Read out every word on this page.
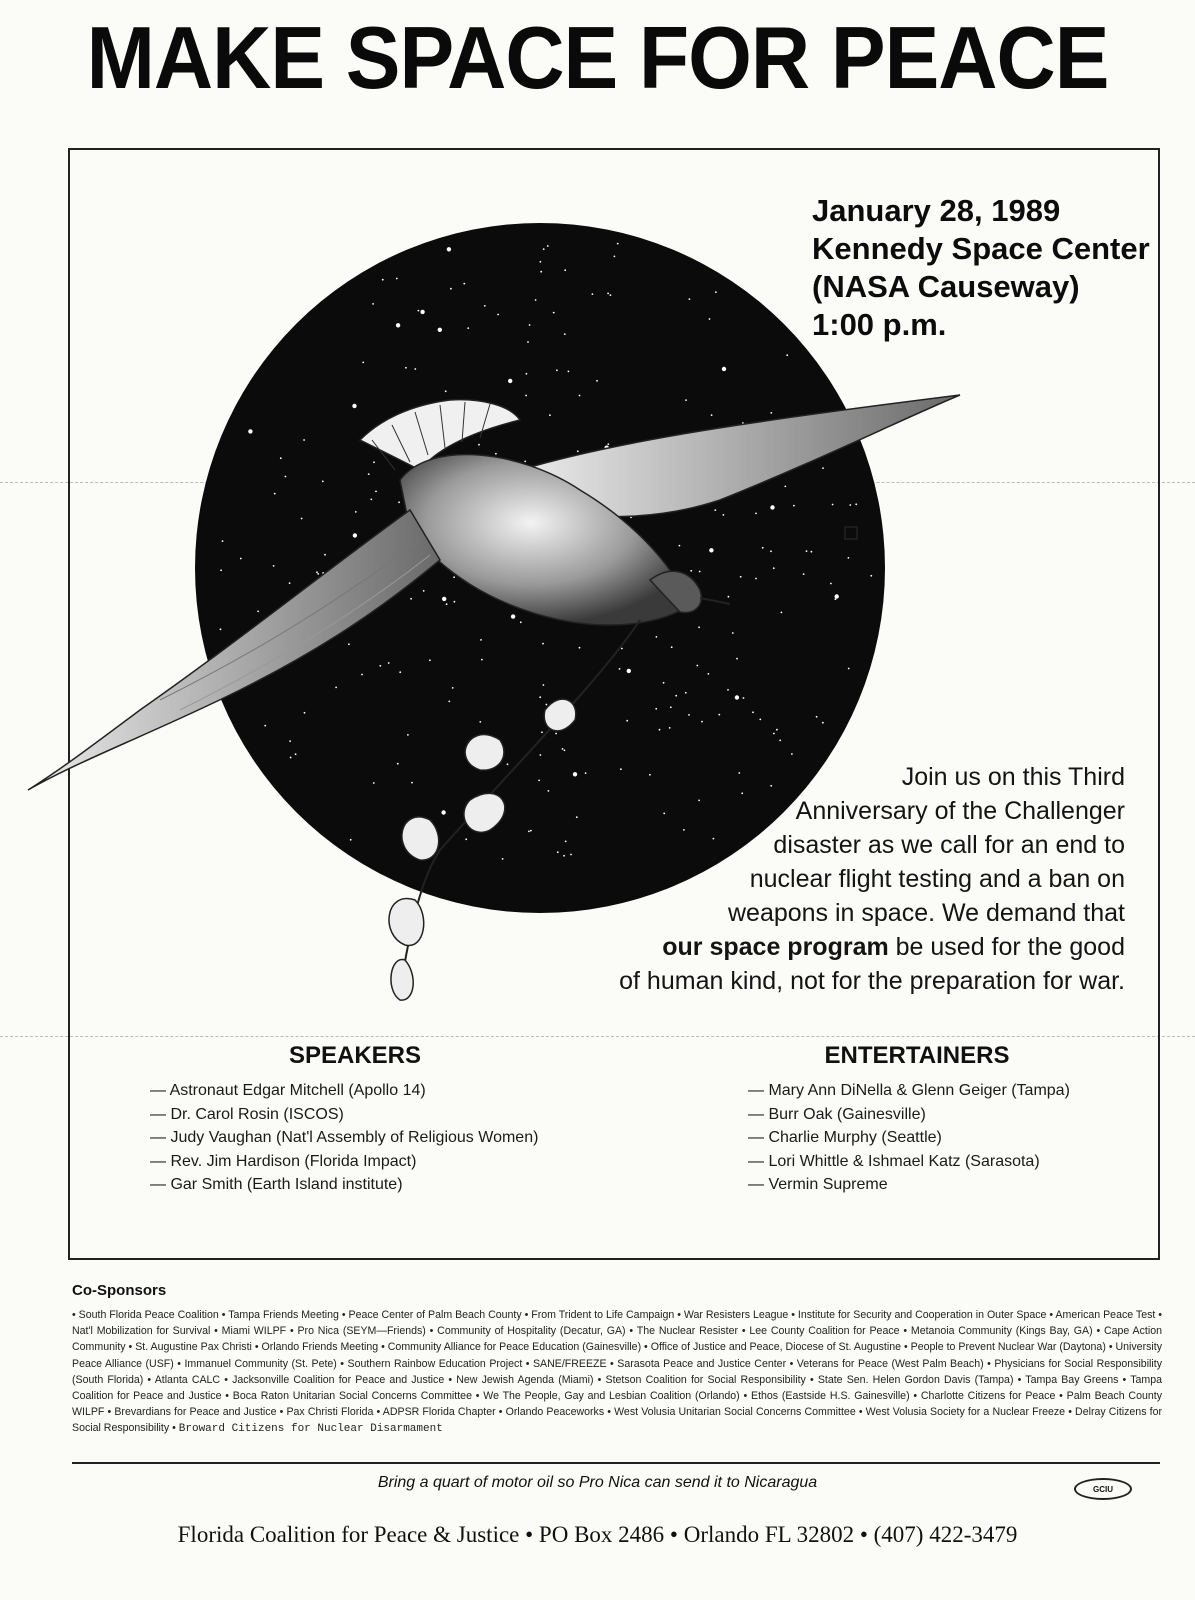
MAKE SPACE FOR PEACE
January 28, 1989
Kennedy Space Center
(NASA Causeway)
1:00 p.m.
Join us on this Third
Anniversary of the Challenger
disaster as we call for an end to
nuclear flight testing and a ban on
weapons in space. We demand that
our space program be used for the good
of human kind, not for the preparation for war.
SPEAKERS
— Astronaut Edgar Mitchell (Apollo 14)
— Dr. Carol Rosin (ISCOS)
— Judy Vaughan (Nat'l Assembly of Religious Women)
— Rev. Jim Hardison (Florida Impact)
— Gar Smith (Earth Island institute)
ENTERTAINERS
— Mary Ann DiNella & Glenn Geiger (Tampa)
— Burr Oak (Gainesville)
— Charlie Murphy (Seattle)
— Lori Whittle & Ishmael Katz (Sarasota)
— Vermin Supreme
Co-Sponsors
• South Florida Peace Coalition • Tampa Friends Meeting • Peace Center of Palm Beach County • From Trident to Life Campaign • War Resisters League • Institute for Security and Cooperation in Outer Space • American Peace Test • Nat'l Mobilization for Survival • Miami WILPF • Pro Nica (SEYM—Friends) • Community of Hospitality (Decatur, GA) • The Nuclear Resister • Lee County Coalition for Peace • Metanoia Community (Kings Bay, GA) • Cape Action Community • St. Augustine Pax Christi • Orlando Friends Meeting • Community Alliance for Peace Education (Gainesville) • Office of Justice and Peace, Diocese of St. Augustine • People to Prevent Nuclear War (Daytona) • University Peace Alliance (USF) • Immanuel Community (St. Pete) • Southern Rainbow Education Project • SANE/FREEZE • Sarasota Peace and Justice Center • Veterans for Peace (West Palm Beach) • Physicians for Social Responsibility (South Florida) • Atlanta CALC • Jacksonville Coalition for Peace and Justice • New Jewish Agenda (Miami) • Stetson Coalition for Social Responsibility • State Sen. Helen Gordon Davis (Tampa) • Tampa Bay Greens • Tampa Coalition for Peace and Justice • Boca Raton Unitarian Social Concerns Committee • We The People, Gay and Lesbian Coalition (Orlando) • Ethos (Eastside H.S. Gainesville) • Charlotte Citizens for Peace • Palm Beach County WILPF • Brevardians for Peace and Justice • Pax Christi Florida • ADPSR Florida Chapter • Orlando Peaceworks • West Volusia Unitarian Social Concerns Committee • West Volusia Society for a Nuclear Freeze • Delray Citizens for Social Responsibility • Broward Citizens for Nuclear Disarmament
Bring a quart of motor oil so Pro Nica can send it to Nicaragua	GCIU
Florida Coalition for Peace & Justice • PO Box 2486 • Orlando FL 32802 • (407) 422-3479
